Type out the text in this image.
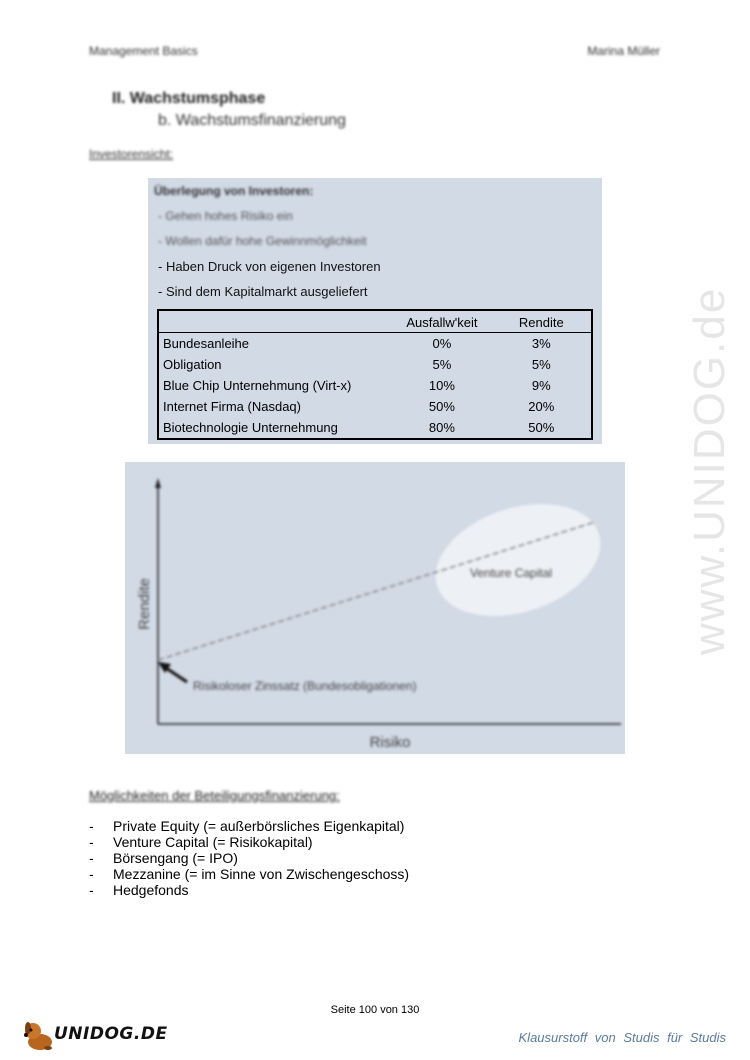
www.UNIDOG.de
Management Basics	Marina Müller
II. Wachstumsphase
b. Wachstumsfinanzierung
Investorensicht:
Überlegung von Investoren:
- Gehen hohes Risiko ein
- Wollen dafür hohe Gewinnmöglichkeit
- Haben Druck von eigenen Investoren
- Sind dem Kapitalmarkt ausgeliefert
	Ausfallw'keit	Rendite
Bundesanleihe	0%	3%
Obligation	5%	5%
Blue Chip Unternehmung (Virt-x)	10%	9%
Internet Firma (Nasdaq)	50%	20%
Biotechnologie Unternehmung	80%	50%
Rendite
Risiko
Venture Capital
Risikoloser Zinssatz (Bundesobligationen)
Möglichkeiten der Beteiligungsfinanzierung:
- Private Equity (= außerbörsliches Eigenkapital)
- Venture Capital (= Risikokapital)
- Börsengang (= IPO)
- Mezzanine (= im Sinne von Zwischengeschoss)
- Hedgefonds
Seite 100 von 130
UNIDOG.DE	Klausurstoff von Studis für Studis
